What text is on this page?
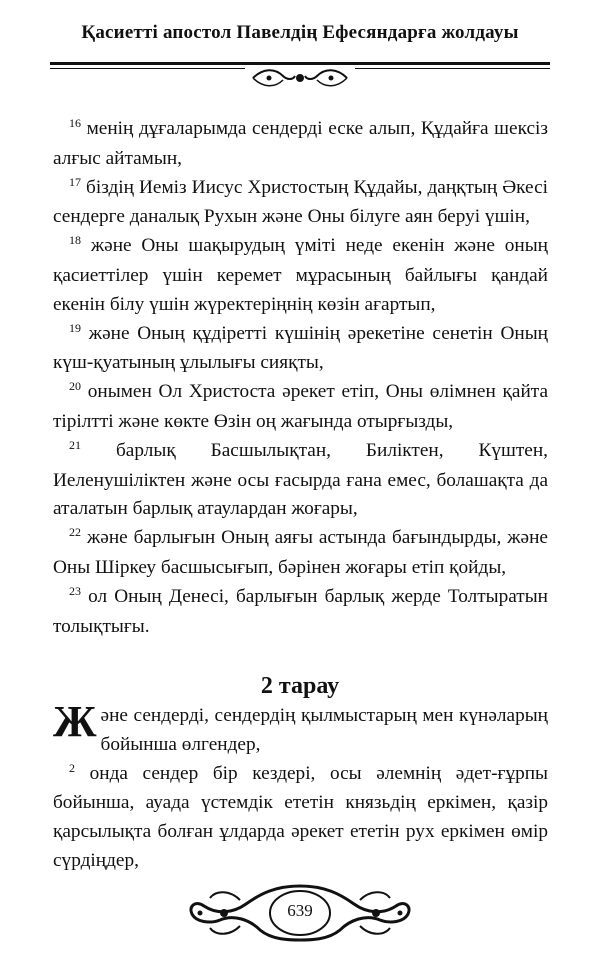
Қасиетті апостол Павелдің Ефесяндарға жолдауы

$^{16}$ менің дұғаларымда сендерді еске алып, Құдайға шексіз алғыс айтамын,

$^{17}$ біздің Иеміз Иисус Христостың Құдайы, даңқтың Әкесі сендерге даналық Рухын және Оны білуге аян беруі үшін,

$^{18}$ және Оны шақырудың үміті неде екенін және оның қасиеттілер үшін керемет мұрасының байлығы қандай екенін білу үшін жүректеріңнің көзін ағартып,

$^{19}$ және Оның құдіретті күшінің әрекетіне сенетін Оның күш-қуатының ұлылығы сияқты,

$^{20}$ онымен Ол Христоста әрекет етіп, Оны өлімнен қайта тірілтті және көкте Өзін оң жағында отырғызды,

$^{21}$ барлық Басшылықтан, Биліктен, Күштен, Иеленушіліктен және осы ғасырда ғана емес, болашақта да аталатын барлық атаулардан жоғары,

$^{22}$ және барлығын Оның аяғы астында бағындырды, және Оны Шіркеу басшысығып, бәрінен жоғары етіп қойды,

$^{23}$ ол Оның Денесі, барлығын барлық жерде Толтыратын толықтығы.

2 тарау

Және сендерді, сендердің қылмыстарың мен күнәларың бойынша өлгендер,

$^2$ онда сендер бір кездері, осы әлемнің әдет-ғұрпы бойынша, ауада үстемдік ететін князьдің еркімен, қазір қарсылықта болған ұлдарда әрекет ететін рух еркімен өмір сүрдіңдер,

639
